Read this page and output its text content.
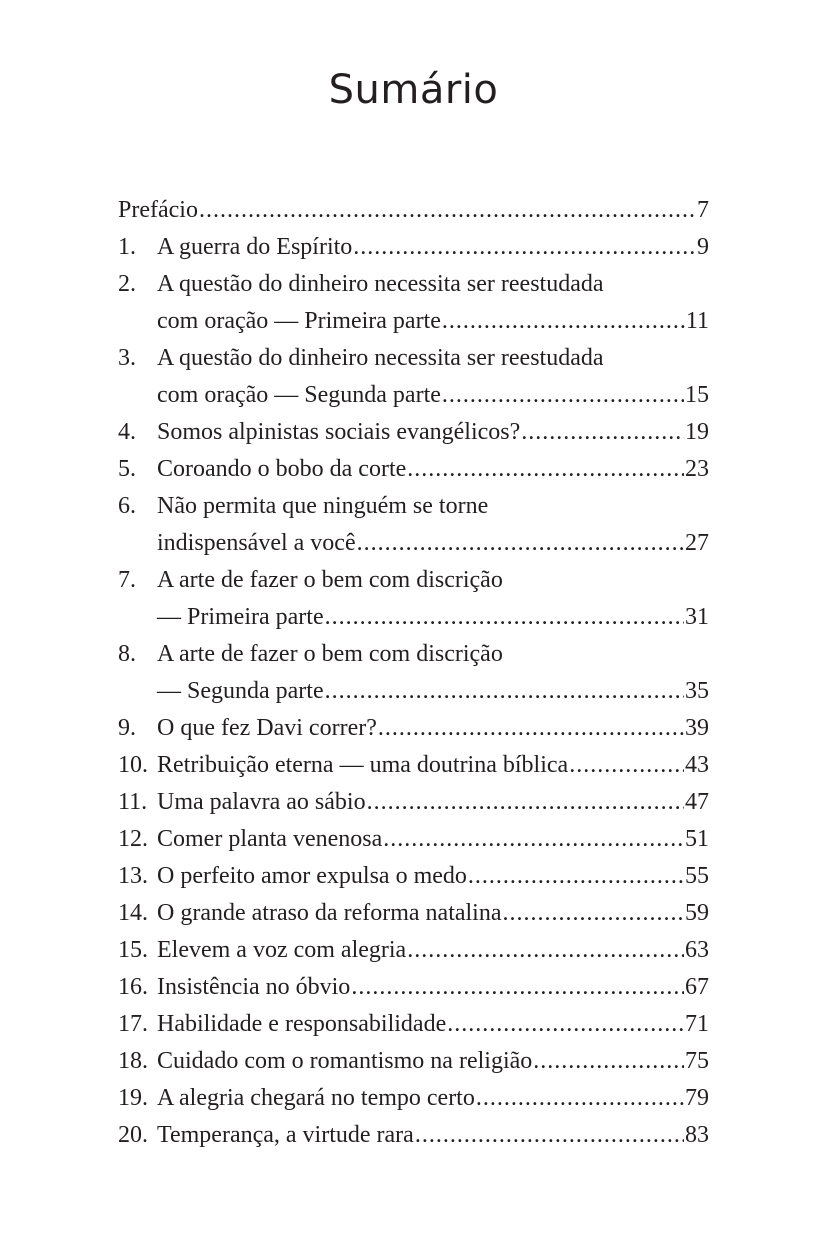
Sumário
Prefácio .....	7
1. A guerra do Espírito .....	9
2. A questão do dinheiro necessita ser reestudada
com oração — Primeira parte .....	11
3. A questão do dinheiro necessita ser reestudada
com oração — Segunda parte .....	15
4. Somos alpinistas sociais evangélicos? .....	19
5. Coroando o bobo da corte .....	23
6. Não permita que ninguém se torne
indispensável a você .....	27
7. A arte de fazer o bem com discrição
— Primeira parte .....	31
8. A arte de fazer o bem com discrição
— Segunda parte .....	35
9. O que fez Davi correr? .....	39
10. Retribuição eterna — uma doutrina bíblica .....	43
11. Uma palavra ao sábio .....	47
12. Comer planta venenosa .....	51
13. O perfeito amor expulsa o medo .....	55
14. O grande atraso da reforma natalina .....	59
15. Elevem a voz com alegria .....	63
16. Insistência no óbvio .....	67
17. Habilidade e responsabilidade .....	71
18. Cuidado com o romantismo na religião .....	75
19. A alegria chegará no tempo certo .....	79
20. Temperança, a virtude rara .....	83
